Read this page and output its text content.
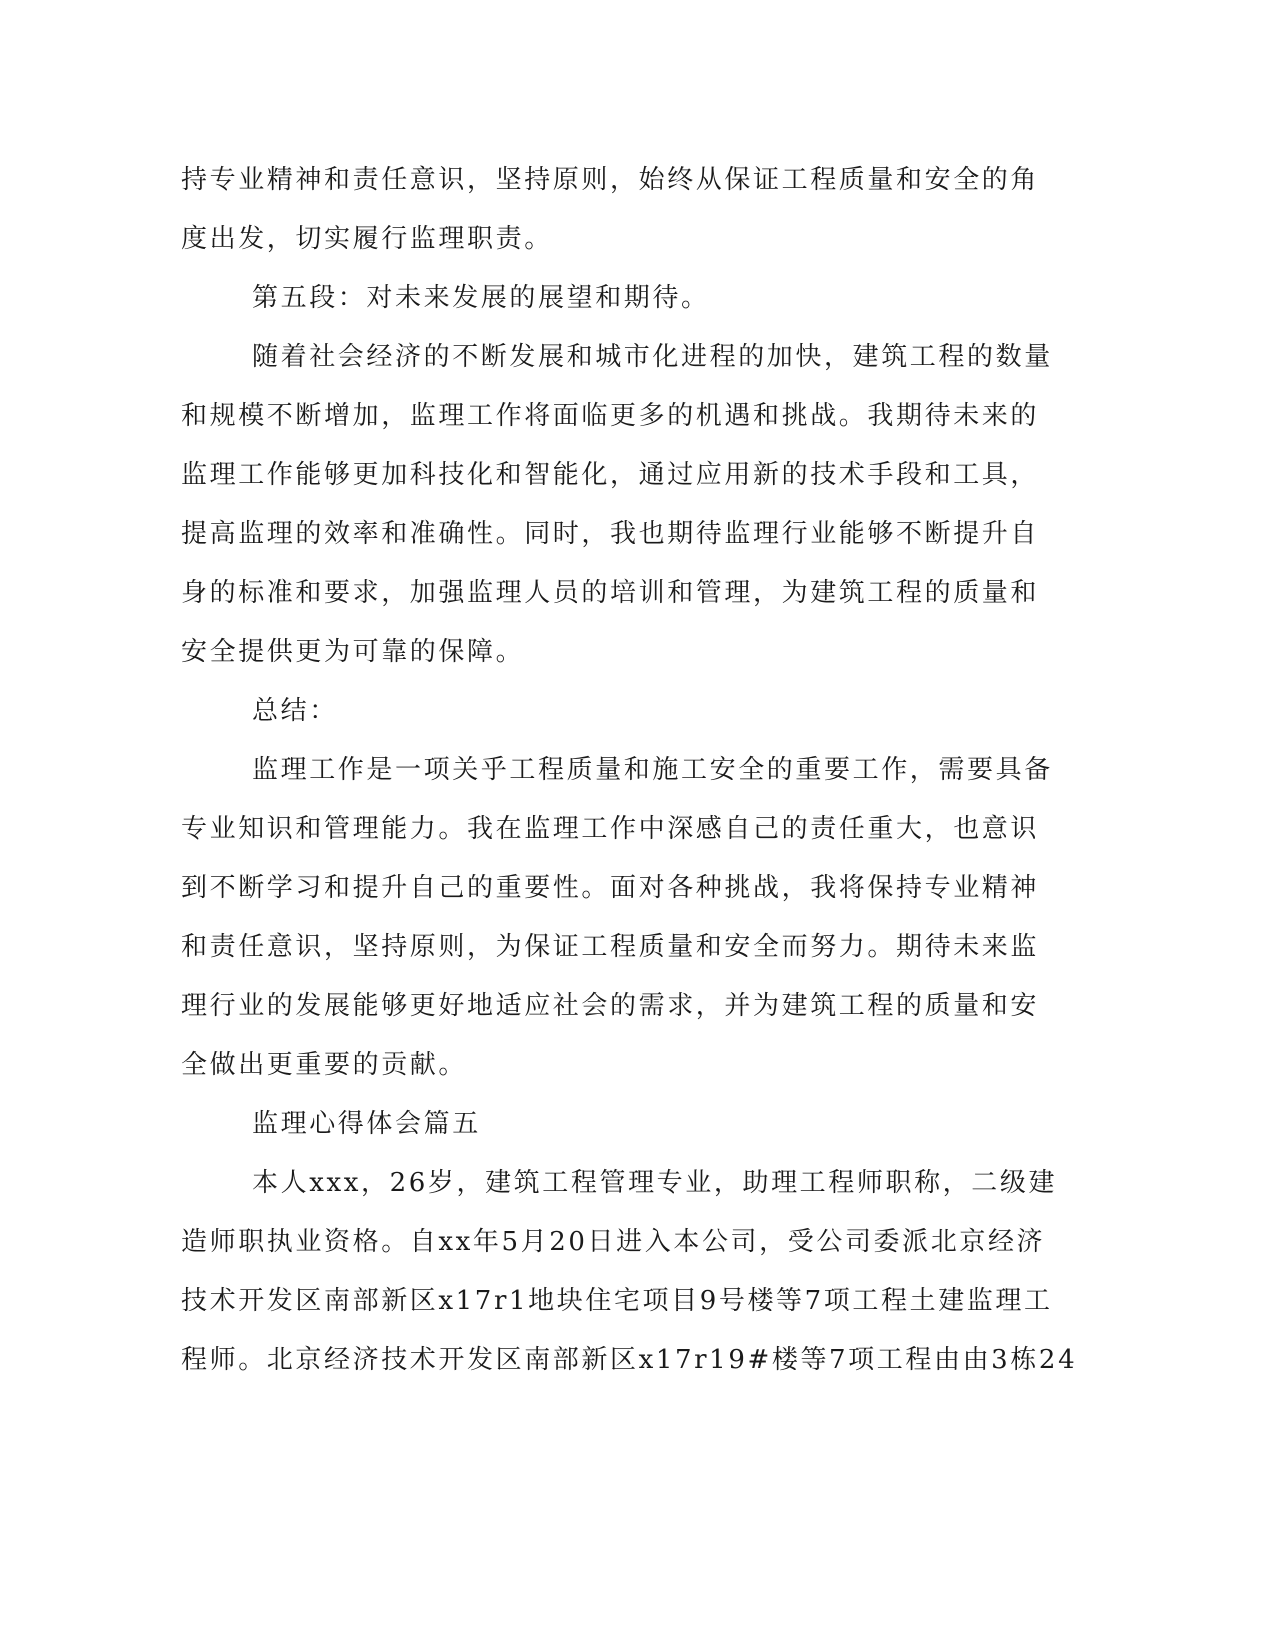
持专业精神和责任意识，坚持原则，始终从保证工程质量和安全的角
度出发，切实履行监理职责。
第五段：对未来发展的展望和期待。
随着社会经济的不断发展和城市化进程的加快，建筑工程的数量
和规模不断增加，监理工作将面临更多的机遇和挑战。我期待未来的
监理工作能够更加科技化和智能化，通过应用新的技术手段和工具，
提高监理的效率和准确性。同时，我也期待监理行业能够不断提升自
身的标准和要求，加强监理人员的培训和管理，为建筑工程的质量和
安全提供更为可靠的保障。
总结：
监理工作是一项关乎工程质量和施工安全的重要工作，需要具备
专业知识和管理能力。我在监理工作中深感自己的责任重大，也意识
到不断学习和提升自己的重要性。面对各种挑战，我将保持专业精神
和责任意识，坚持原则，为保证工程质量和安全而努力。期待未来监
理行业的发展能够更好地适应社会的需求，并为建筑工程的质量和安
全做出更重要的贡献。
监理心得体会篇五
本人xxx，26岁，建筑工程管理专业，助理工程师职称，二级建
造师职执业资格。自xx年5月20日进入本公司，受公司委派北京经济
技术开发区南部新区x17r1地块住宅项目9号楼等7项工程土建监理工
程师。北京经济技术开发区南部新区x17r19#楼等7项工程由由3栋24
